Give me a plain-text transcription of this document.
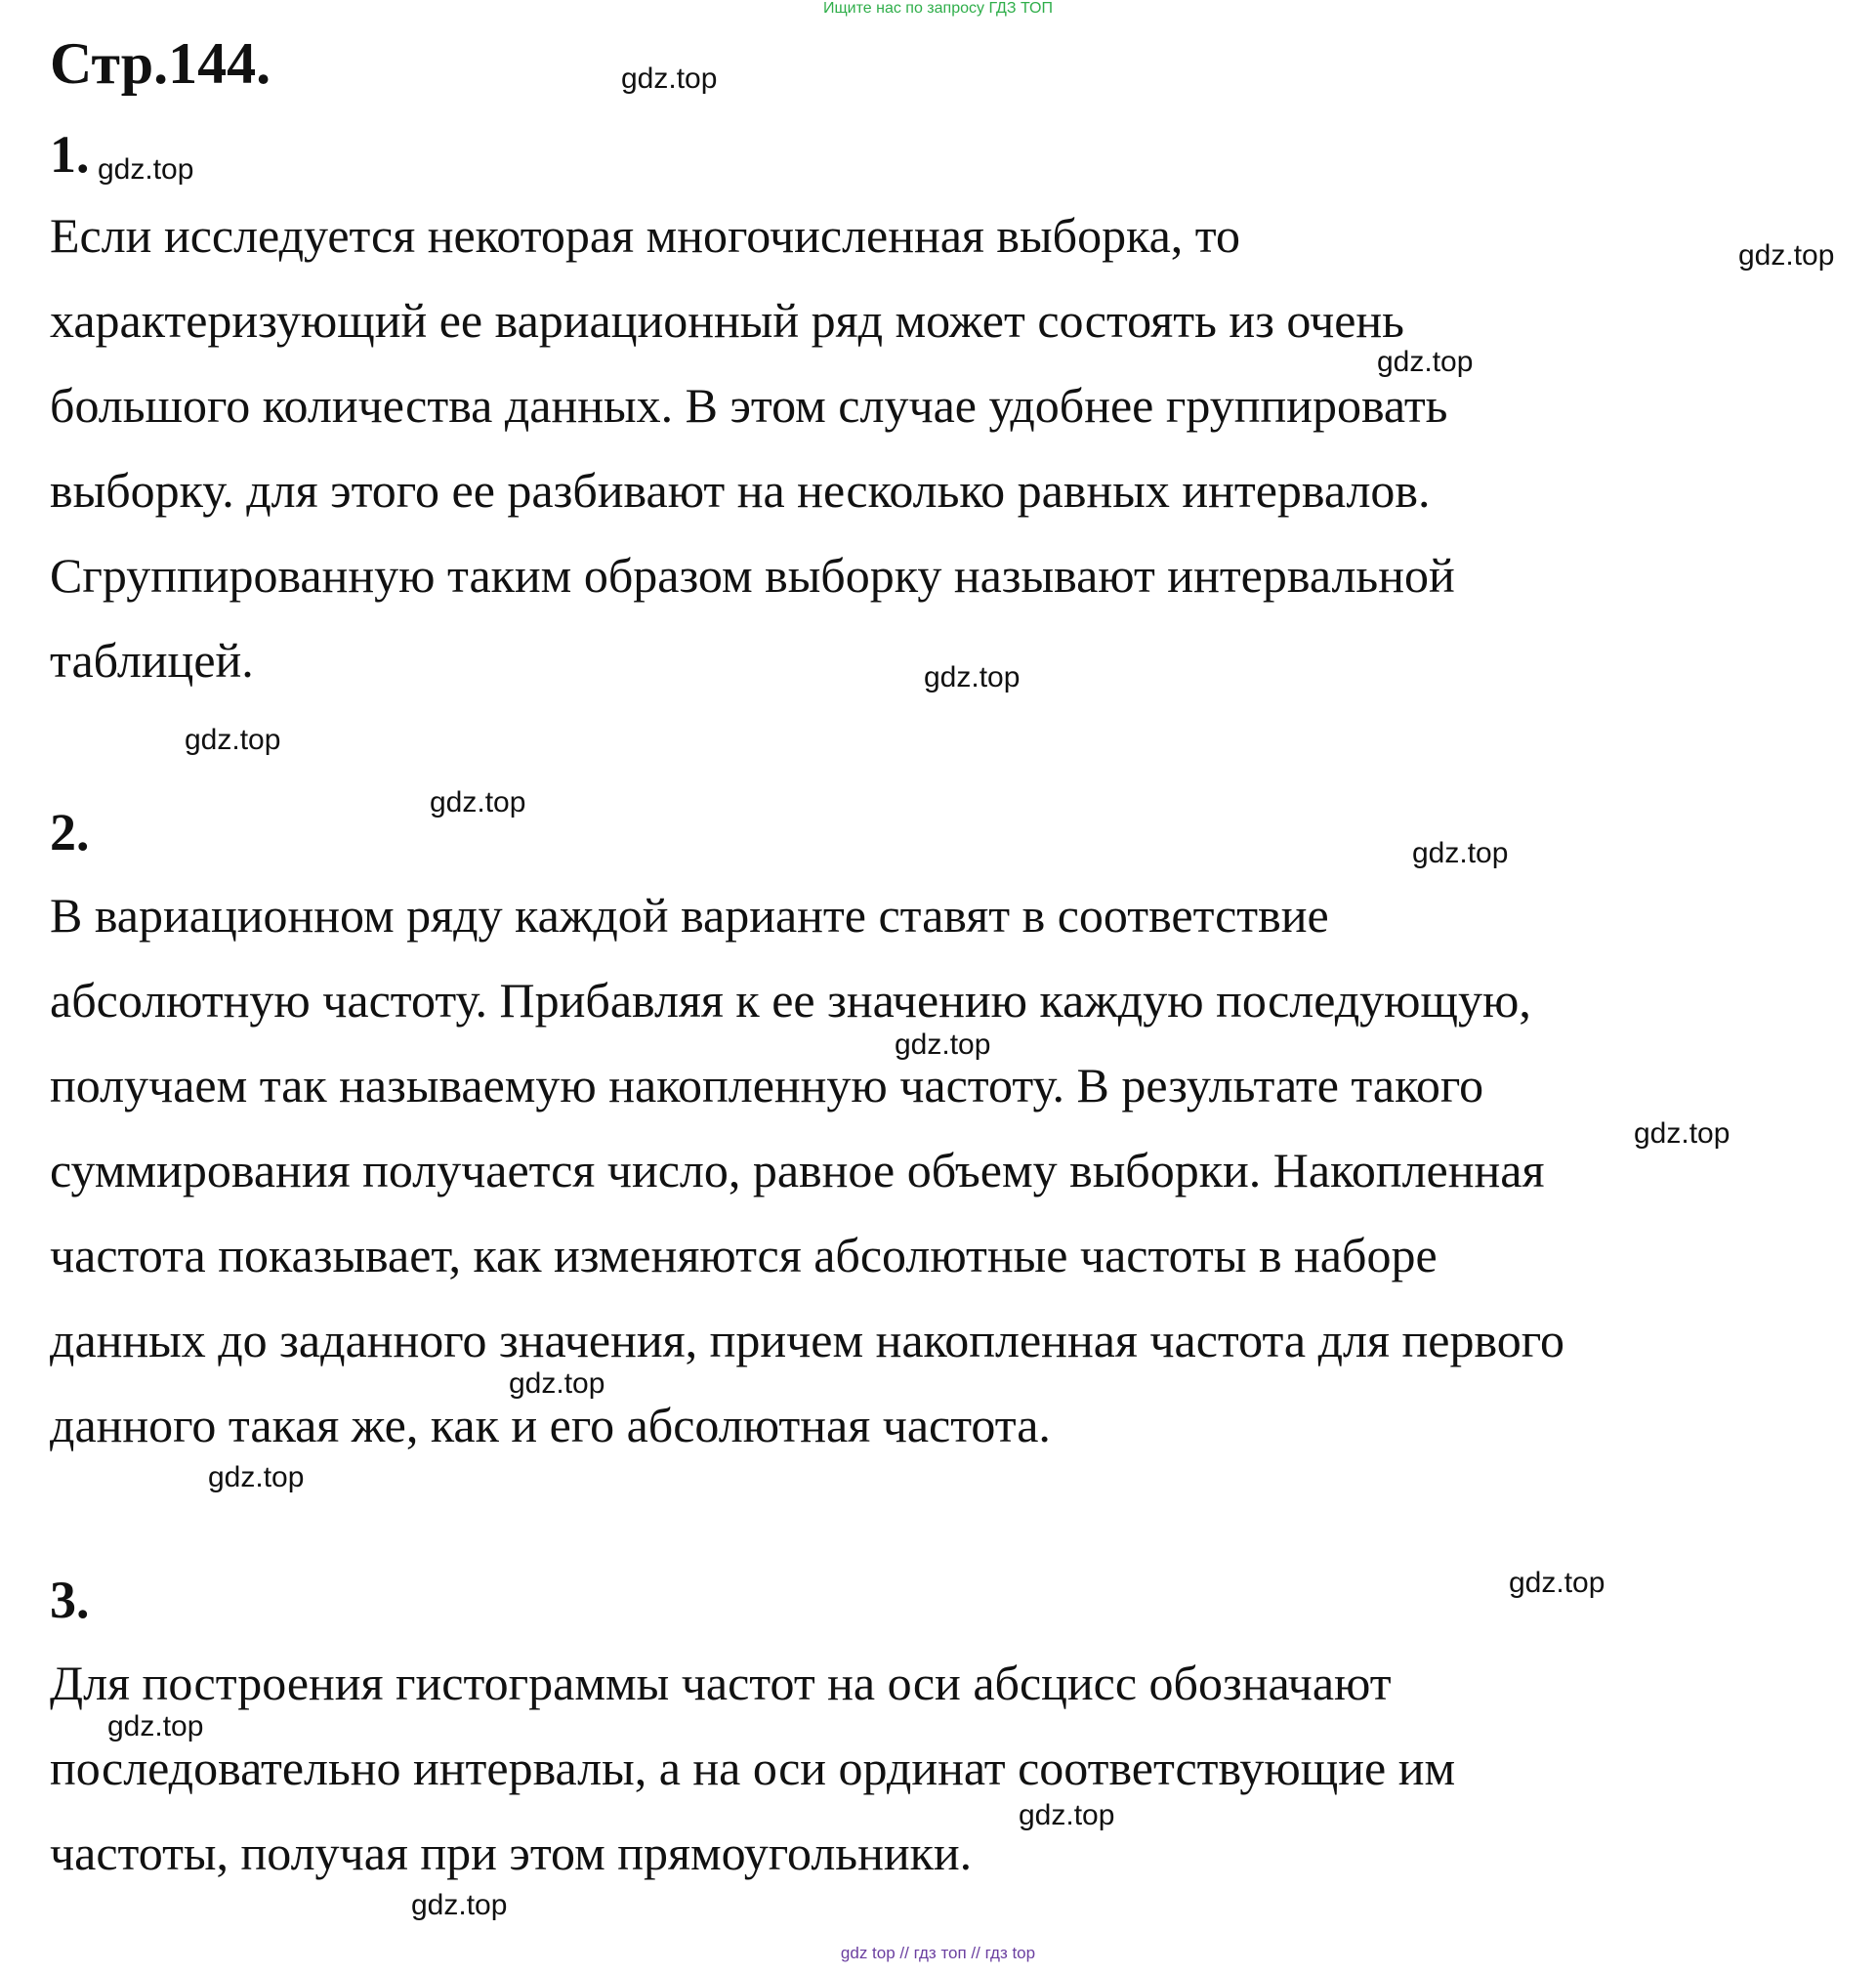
Ищите нас по запросу ГДЗ ТОП
Стр.144.
1.
Если исследуется некоторая многочисленная выборка, то
характеризующий ее вариационный ряд может состоять из очень
большого количества данных. В этом случае удобнее группировать
выборку. для этого ее разбивают на несколько равных интервалов.
Сгруппированную таким образом выборку называют интервальной
таблицей.
2.
В вариационном ряду каждой варианте ставят в соответствие
абсолютную частоту. Прибавляя к ее значению каждую последующую,
получаем так называемую накопленную частоту. В результате такого
суммирования получается число, равное объему выборки. Накопленная
частота показывает, как изменяются абсолютные частоты в наборе
данных до заданного значения, причем накопленная частота для первого
данного такая же, как и его абсолютная частота.
3.
Для построения гистограммы частот на оси абсцисс обозначают
последовательно интервалы, а на оси ординат соответствующие им
частоты, получая при этом прямоугольники.
gdz.top
gdz.top
gdz.top
gdz.top
gdz.top
gdz.top
gdz.top
gdz.top
gdz.top
gdz.top
gdz.top
gdz.top
gdz.top
gdz.top
gdz.top
gdz.top
gdz top // гдз топ // гдз top
